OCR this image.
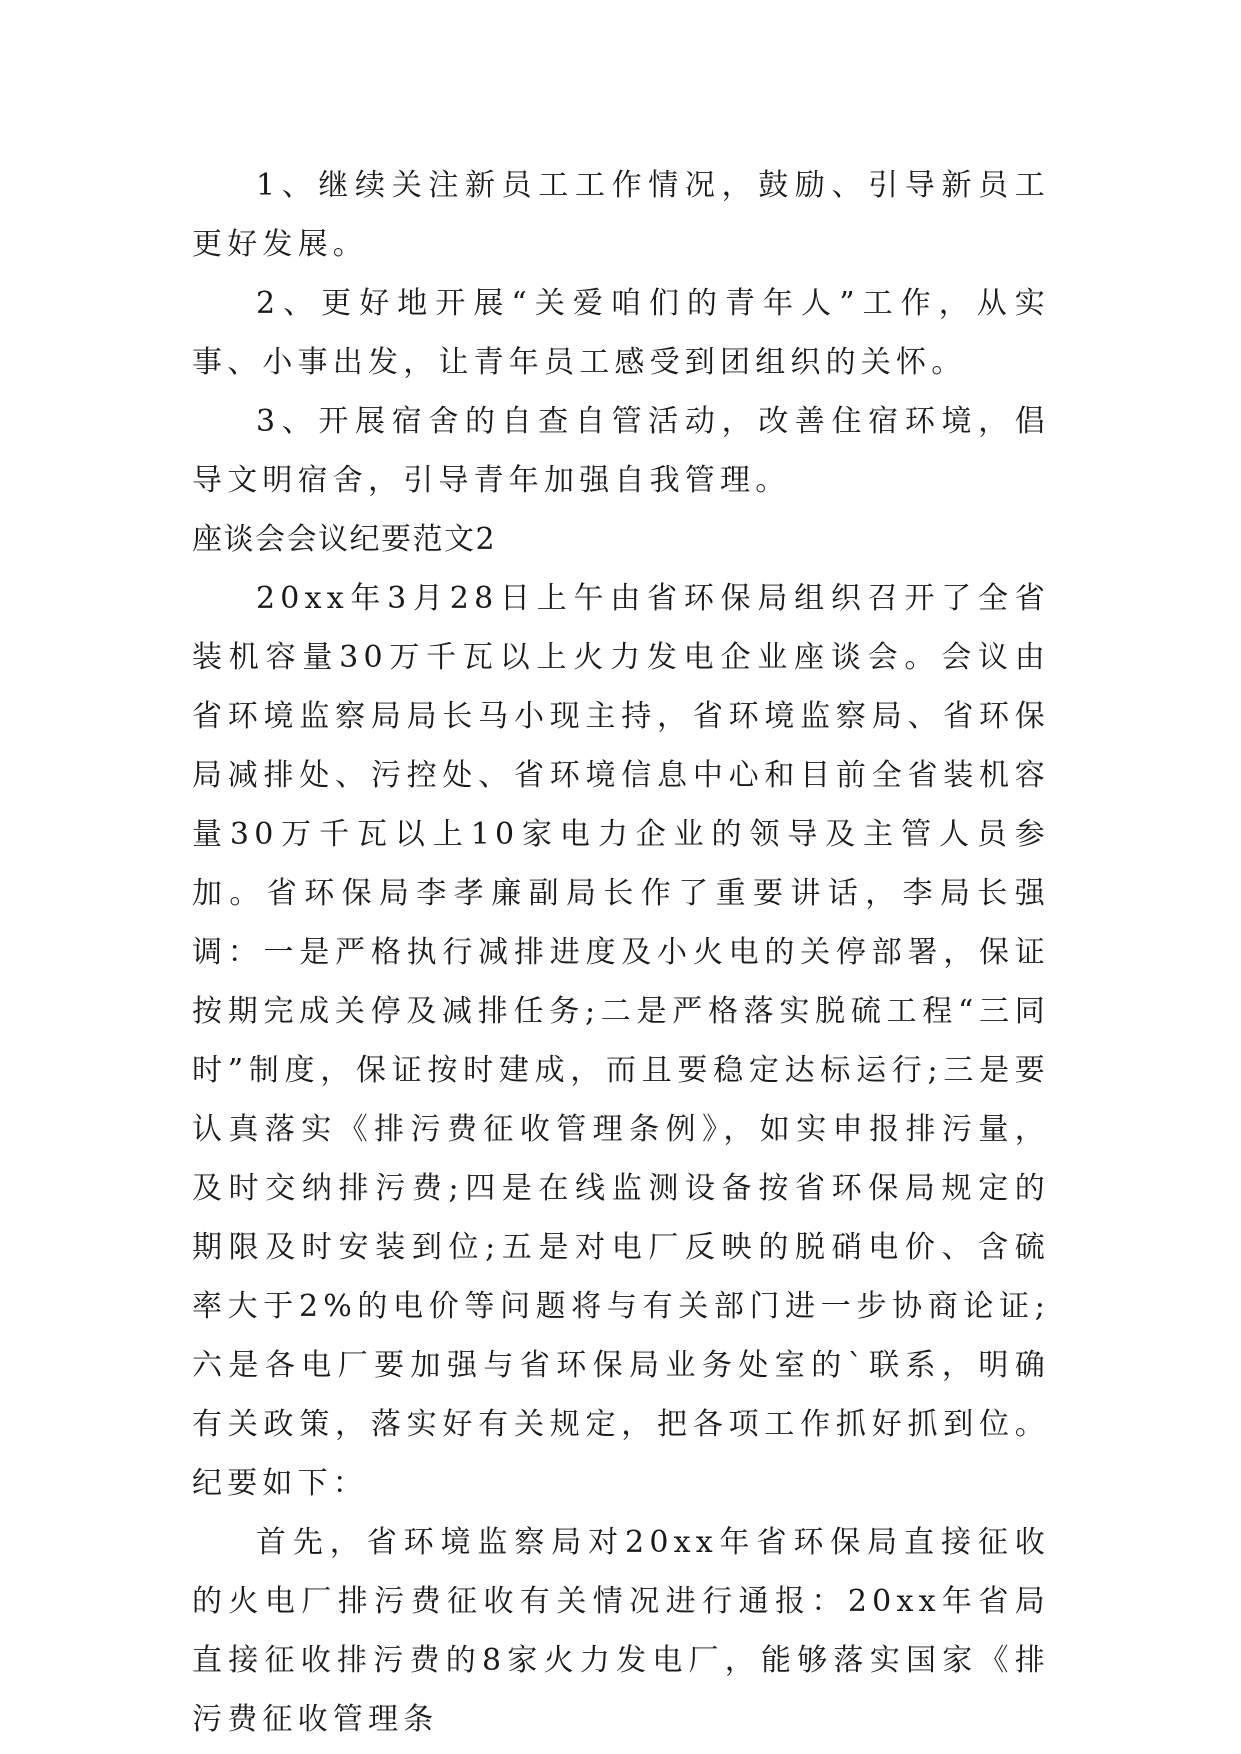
1、继续关注新员工工作情况，鼓励、引导新员工更好发展。

2、更好地开展“关爱咱们的青年人”工作，从实事、小事出发，让青年员工感受到团组织的关怀。

3、开展宿舍的自查自管活动，改善住宿环境，倡导文明宿舍，引导青年加强自我管理。

座谈会会议纪要范文2

20xx年3月28日上午由省环保局组织召开了全省装机容量30万千瓦以上火力发电企业座谈会。会议由省环境监察局局长马小现主持，省环境监察局、省环保局减排处、污控处、省环境信息中心和目前全省装机容量30万千瓦以上10家电力企业的领导及主管人员参加。省环保局李孝廉副局长作了重要讲话，李局长强调：一是严格执行减排进度及小火电的关停部署，保证按期完成关停及减排任务;二是严格落实脱硫工程“三同时”制度，保证按时建成，而且要稳定达标运行;三是要认真落实《排污费征收管理条例》，如实申报排污量，及时交纳排污费;四是在线监测设备按省环保局规定的期限及时安装到位;五是对电厂反映的脱硝电价、含硫率大于2%的电价等问题将与有关部门进一步协商论证;六是各电厂要加强与省环保局业务处室的`联系，明确有关政策，落实好有关规定，把各项工作抓好抓到位。纪要如下：

首先，省环境监察局对20xx年省环保局直接征收的火电厂排污费征收有关情况进行通报：20xx年省局直接征收排污费的8家火力发电厂，能够落实国家《排污费征收管理条
